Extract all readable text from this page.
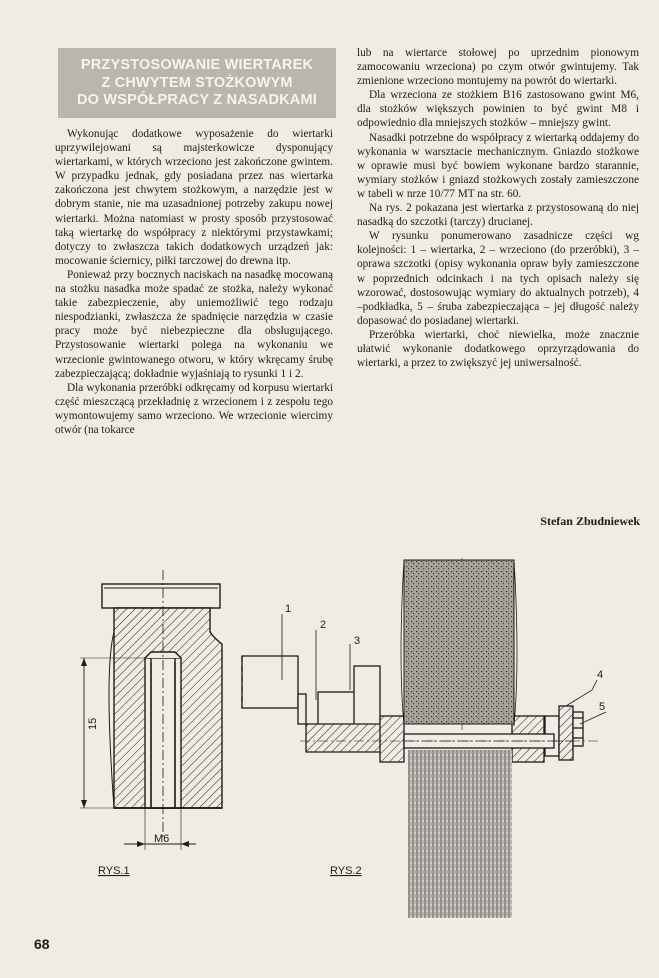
PRZYSTOSOWANIE WIERTAREK
Z CHWYTEM STOŻKOWYM
DO WSPÓŁPRACY Z NASADKAMI

Wykonując dodatkowe wyposażenie do wiertarki uprzywilejowani są majsterkowicze dysponujący wiertarkami, w których wrzeciono jest zakończone gwintem. W przypadku jednak, gdy posiadana przez nas wiertarka zakończona jest chwytem stożkowym, a narzędzie jest w dobrym stanie, nie ma uzasadnionej potrzeby zakupu nowej wiertarki. Można natomiast w prosty sposób przystosować taką wiertarkę do współpracy z niektórymi przystawkami; dotyczy to zwłaszcza takich dodatkowych urządzeń jak: mocowanie ściernicy, piłki tarczowej do drewna itp.

Ponieważ przy bocznych naciskach na nasadkę mocowaną na stożku nasadka może spadać ze stożka, należy wykonać takie zabezpieczenie, aby uniemożliwić tego rodzaju niespodzianki, zwłaszcza że spadnięcie narzędzia w czasie pracy może być niebezpieczne dla obsługującego. Przystosowanie wiertarki polega na wykonaniu we wrzecionie gwintowanego otworu, w który wkręcamy śrubę zabezpieczającą; dokładnie wyjaśniają to rysunki 1 i 2.

Dla wykonania przeróbki odkręcamy od korpusu wiertarki część mieszczącą przekładnię z wrzecionem i z zespołu tego wymontowujemy samo wrzeciono. We wrzecionie wiercimy otwór (na tokarce

lub na wiertarce stołowej po uprzednim pionowym zamocowaniu wrzeciona) po czym otwór gwintujemy. Tak zmienione wrzeciono montujemy na powrót do wiertarki.

Dla wrzeciona ze stożkiem B16 zastosowano gwint M6, dla stożków większych powinien to być gwint M8 i odpowiednio dla mniejszych stożków – mniejszy gwint.

Nasadki potrzebne do współpracy z wiertarką oddajemy do wykonania w warsztacie mechanicznym. Gniazdo stożkowe w oprawie musi być bowiem wykonane bardzo starannie, wymiary stożków i gniazd stożkowych zostały zamieszczone w tabeli w nrze 10/77 MT na str. 60.

Na rys. 2 pokazana jest wiertarka z przystosowaną do niej nasadką do szczotki (tarczy) drucianej.

W rysunku ponumerowano zasadnicze części wg kolejności: 1 – wiertarka, 2 – wrzeciono (do przeróbki), 3 – oprawa szczotki (opisy wykonania opraw były zamieszczone w poprzednich odcinkach i na tych opisach należy się wzorować, dostosowując wymiary do aktualnych potrzeb), 4 –podkładka, 5 – śruba zabezpieczająca – jej długość należy dopasować do posiadanej wiertarki.

Przeróbka wiertarki, choć niewielka, może znacznie ułatwić wykonanie dodatkowego oprzyrządowania do wiertarki, a przez to zwiększyć jej uniwersalność.

Stefan Zbudniewek
15
M6
RYS.1
1
2
3
4
5
RYS.2
68
